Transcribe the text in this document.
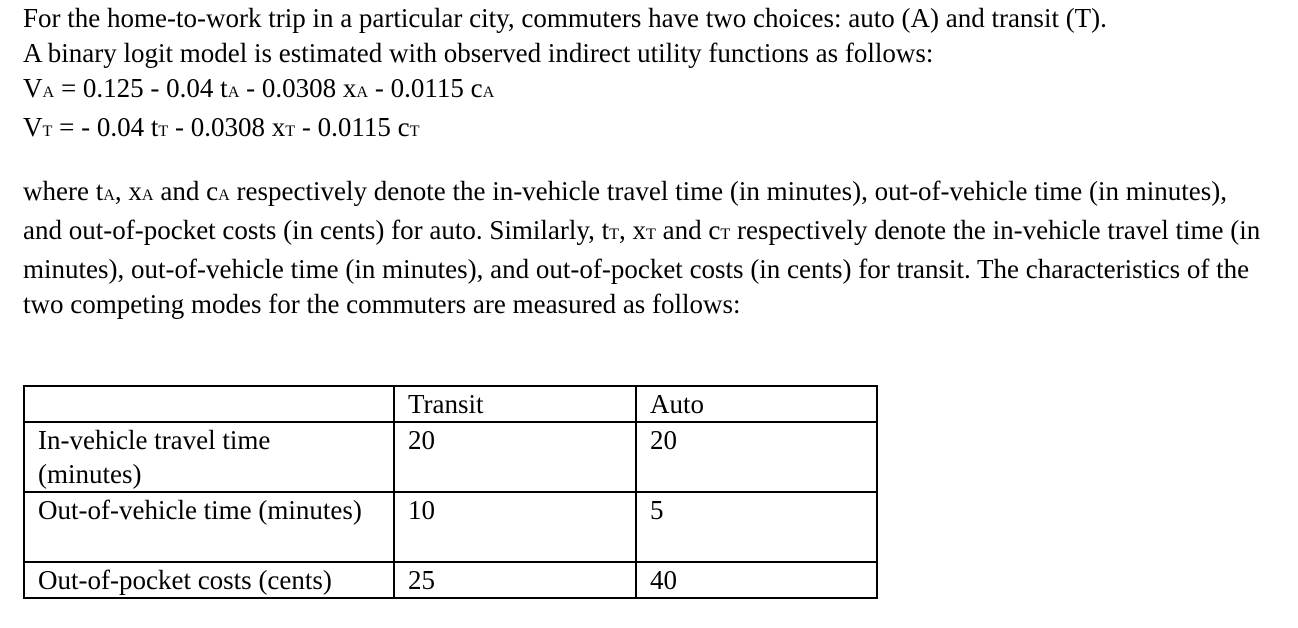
For the home-to-work trip in a particular city, commuters have two choices: auto (A) and transit (T).

A binary logit model is estimated with observed indirect utility functions as follows:

VA = 0.125 - 0.04 tA - 0.0308 xA - 0.0115 cA

VT = - 0.04 tT - 0.0308 xT - 0.0115 cT

where tA, xA and cA respectively denote the in-vehicle travel time (in minutes), out-of-vehicle time (in minutes), and out-of-pocket costs (in cents) for auto. Similarly, tT, xT and cT respectively denote the in-vehicle travel time (in minutes), out-of-vehicle time (in minutes), and out-of-pocket costs (in cents) for transit. The characteristics of the two competing modes for the commuters are measured as follows:

	Transit	Auto
In-vehicle travel time (minutes)	20	20
Out-of-vehicle time (minutes)	10	5
Out-of-pocket costs (cents)	25	40
